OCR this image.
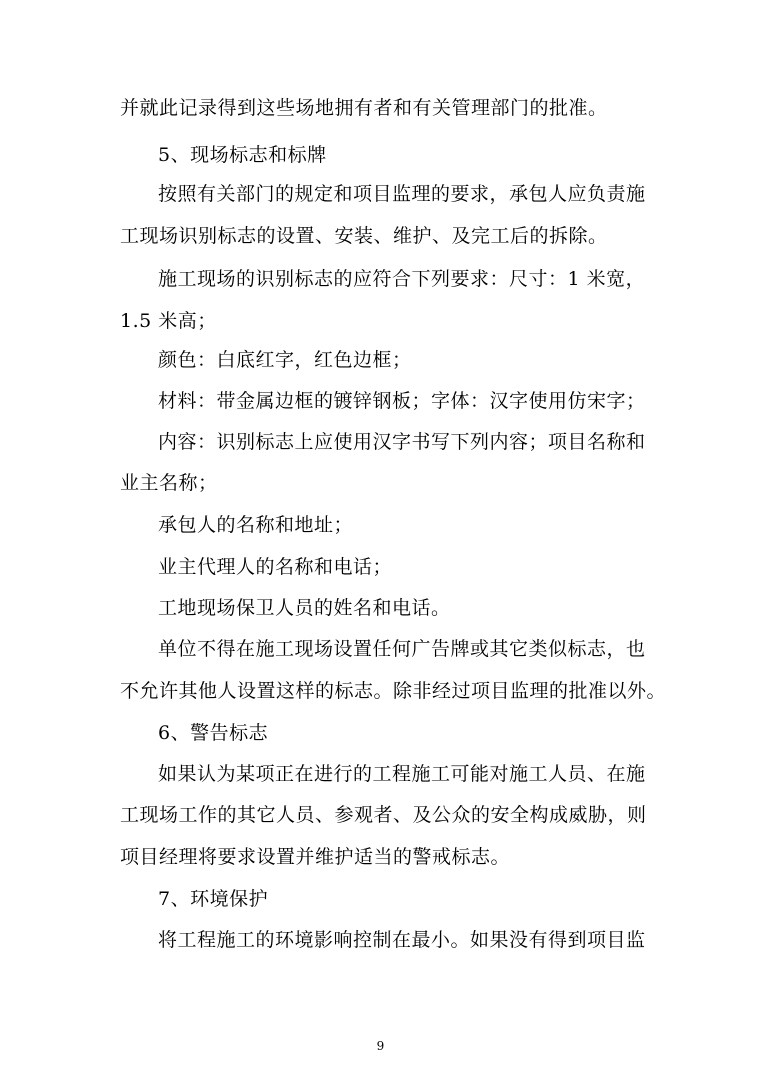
并就此记录得到这些场地拥有者和有关管理部门的批准。
5、现场标志和标牌
按照有关部门的规定和项目监理的要求，承包人应负责施
工现场识别标志的设置、安装、维护、及完工后的拆除。
施工现场的识别标志的应符合下列要求：尺寸：1 米宽，
1.5 米高；
颜色：白底红字，红色边框；
材料：带金属边框的镀锌钢板；字体：汉字使用仿宋字；
内容：识别标志上应使用汉字书写下列内容；项目名称和
业主名称；
承包人的名称和地址；
业主代理人的名称和电话；
工地现场保卫人员的姓名和电话。
单位不得在施工现场设置任何广告牌或其它类似标志，也
不允许其他人设置这样的标志。除非经过项目监理的批准以外。
6、警告标志
如果认为某项正在进行的工程施工可能对施工人员、在施
工现场工作的其它人员、参观者、及公众的安全构成威胁，则
项目经理将要求设置并维护适当的警戒标志。
7、环境保护
将工程施工的环境影响控制在最小。如果没有得到项目监
9
